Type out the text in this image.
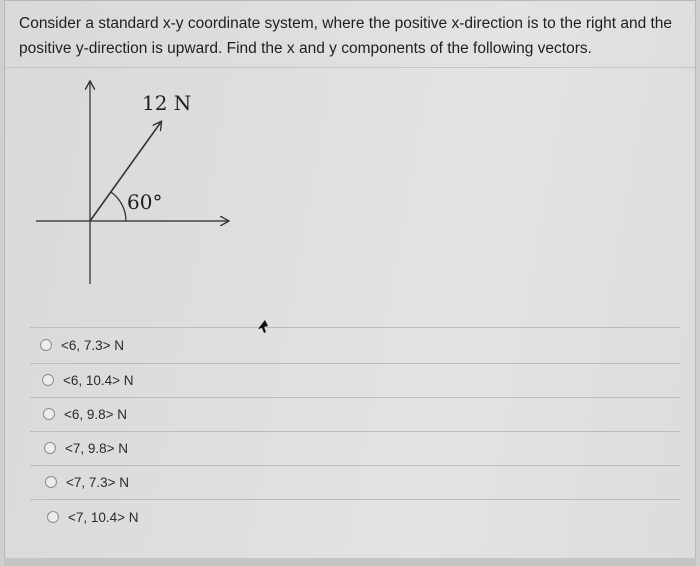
Consider a standard x-y coordinate system, where the positive x-direction is to the right and the positive y-direction is upward. Find the x and y components of the following vectors.

12 N
60°
<6, 7.3> N
<6, 10.4> N
<6, 9.8> N
<7, 9.8> N
<7, 7.3> N
<7, 10.4> N
